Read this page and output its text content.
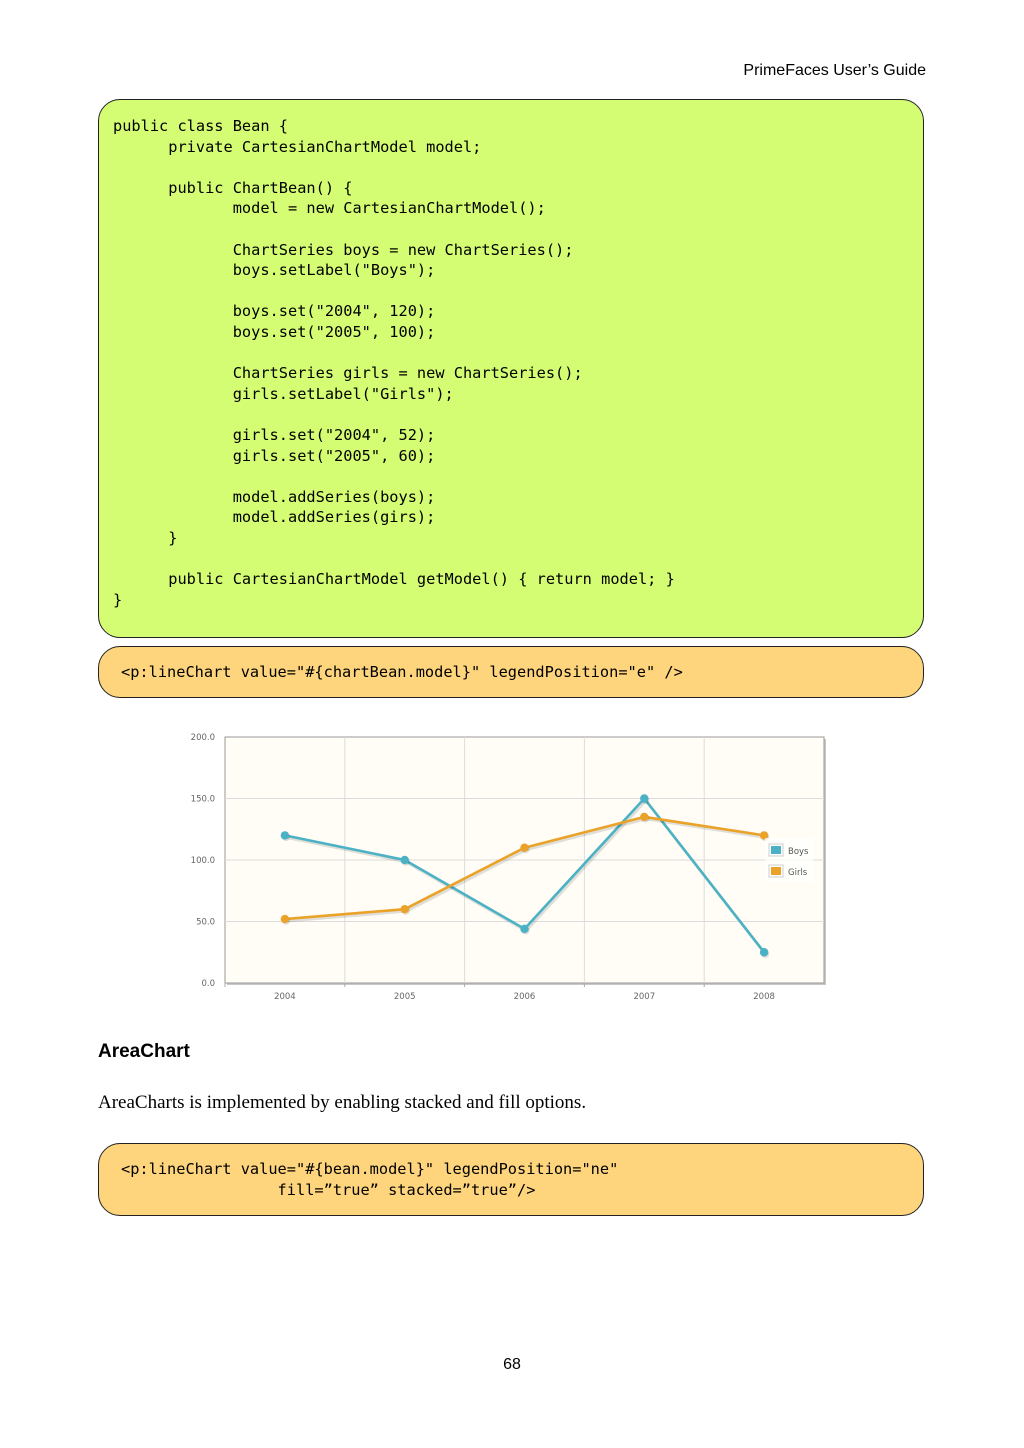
PrimeFaces User’s Guide
public class Bean {
private CartesianChartModel model;

public ChartBean() {
model = new CartesianChartModel();

ChartSeries boys = new ChartSeries();
boys.setLabel("Boys");

boys.set("2004", 120);
boys.set("2005", 100);

ChartSeries girls = new ChartSeries();
girls.setLabel("Girls");

girls.set("2004", 52);
girls.set("2005", 60);

model.addSeries(boys);
model.addSeries(girs);
}

public CartesianChartModel getModel() { return model; }
}

<p:lineChart value="#{chartBean.model}" legendPosition="e" />
200.0
150.0
100.0
50.0
0.0
2004	2005	2006	2007	2008
Boys
Girls
AreaChart
AreaCharts is implemented by enabling stacked and fill options.
<p:lineChart value="#{bean.model}" legendPosition="ne"
fill=”true” stacked=”true”/>
68
